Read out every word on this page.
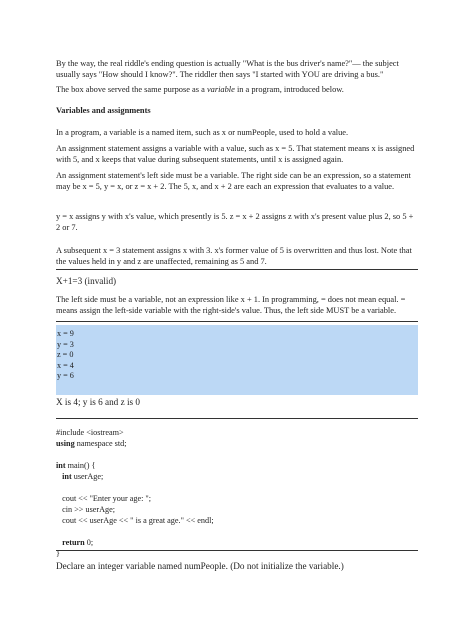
By the way, the real riddle's ending question is actually "What is the bus driver's name?"— the subject usually says "How should I know?". The riddler then says "I started with YOU are driving a bus."

The box above served the same purpose as a variable in a program, introduced below.

Variables and assignments

In a program, a variable is a named item, such as x or numPeople, used to hold a value.

An assignment statement assigns a variable with a value, such as x = 5. That statement means x is assigned with 5, and x keeps that value during subsequent statements, until x is assigned again.

An assignment statement's left side must be a variable. The right side can be an expression, so a statement may be x = 5, y = x, or z = x + 2. The 5, x, and x + 2 are each an expression that evaluates to a value.

y = x assigns y with x's value, which presently is 5. z = x + 2 assigns z with x's present value plus 2, so 5 + 2 or 7.

A subsequent x = 3 statement assigns x with 3. x's former value of 5 is overwritten and thus lost. Note that the values held in y and z are unaffected, remaining as 5 and 7.

X+1=3 (invalid)

The left side must be a variable, not an expression like x + 1. In programming, = does not mean equal. = means assign the left-side variable with the right-side's value. Thus, the left side MUST be a variable.

x = 9
y = 3
z = 0
x = 4
y = 6

X is 4; y is 6 and z is 0

#include <iostream>
using namespace std;

int main() {
int userAge;

cout << "Enter your age: ";
cin >> userAge;
cout << userAge << " is a great age." << endl;

return 0;
}

Declare an integer variable named numPeople. (Do not initialize the variable.)
